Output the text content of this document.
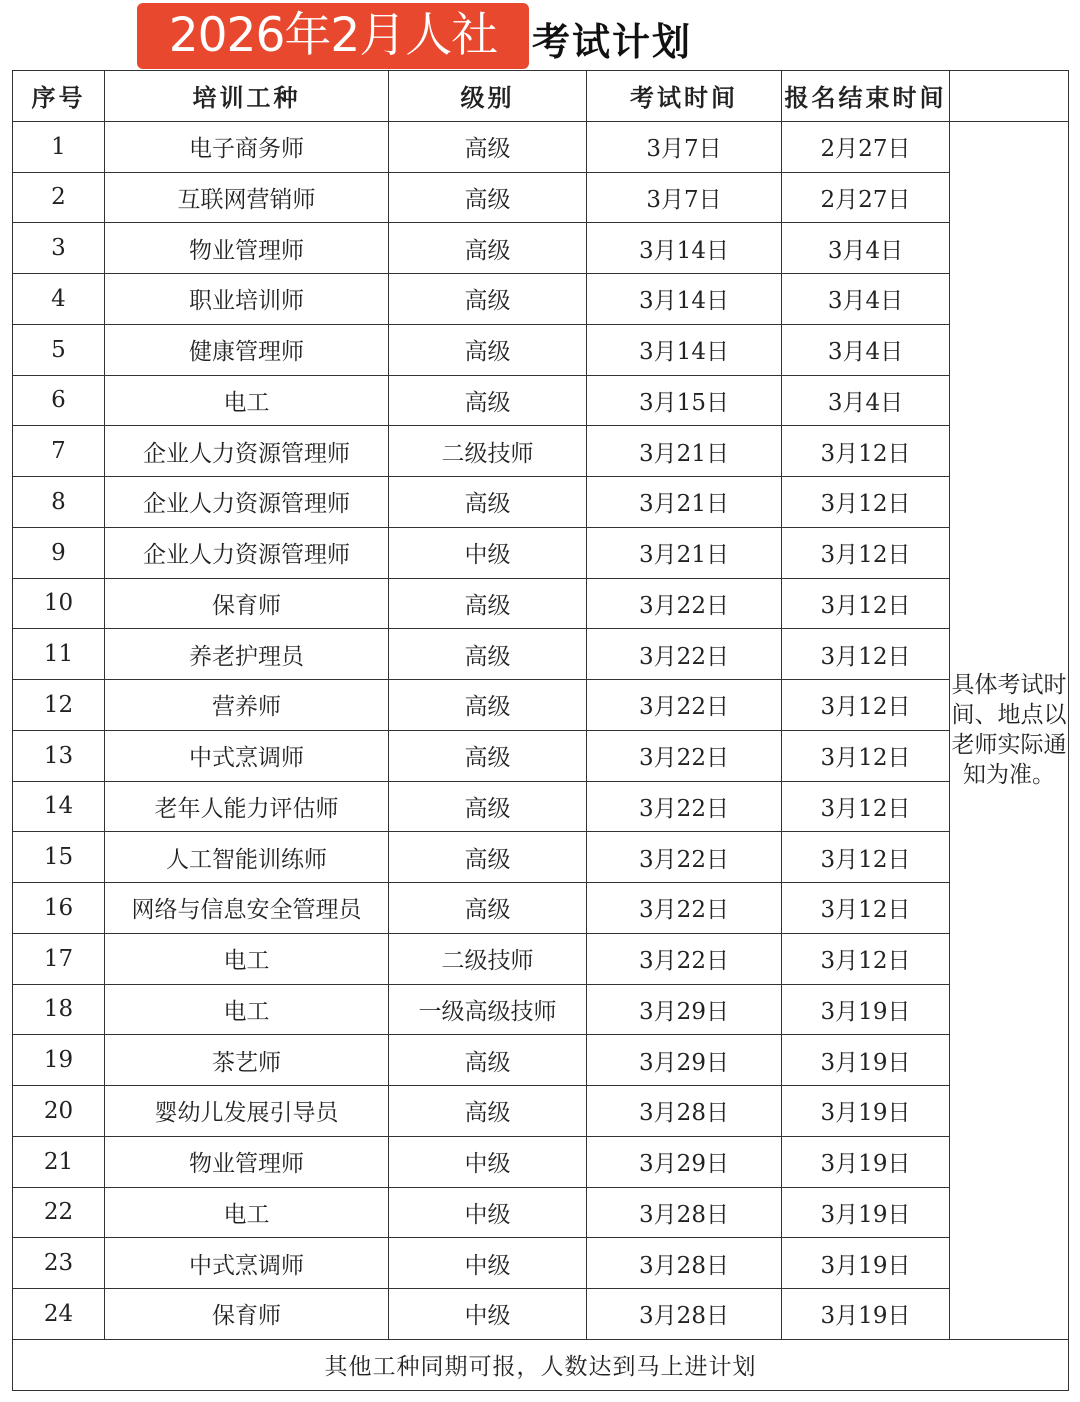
2026年2月人社 考试计划
序号	培训工种	级别	考试时间	报名结束时间	
1	电子商务师	高级	3月7日	2月27日	具体考试时间、地点以老师实际通知为准。
2	互联网营销师	高级	3月7日	2月27日	
3	物业管理师	高级	3月14日	3月4日	
4	职业培训师	高级	3月14日	3月4日	
5	健康管理师	高级	3月14日	3月4日	
6	电工	高级	3月15日	3月4日	
7	企业人力资源管理师	二级技师	3月21日	3月12日	
8	企业人力资源管理师	高级	3月21日	3月12日	
9	企业人力资源管理师	中级	3月21日	3月12日	
10	保育师	高级	3月22日	3月12日	
11	养老护理员	高级	3月22日	3月12日	
12	营养师	高级	3月22日	3月12日	
13	中式烹调师	高级	3月22日	3月12日	
14	老年人能力评估师	高级	3月22日	3月12日	
15	人工智能训练师	高级	3月22日	3月12日	
16	网络与信息安全管理员	高级	3月22日	3月12日	
17	电工	二级技师	3月22日	3月12日	
18	电工	一级高级技师	3月29日	3月19日	
19	茶艺师	高级	3月29日	3月19日	
20	婴幼儿发展引导员	高级	3月28日	3月19日	
21	物业管理师	中级	3月29日	3月19日	
22	电工	中级	3月28日	3月19日	
23	中式烹调师	中级	3月28日	3月19日	
24	保育师	中级	3月28日	3月19日	
其他工种同期可报，人数达到马上进计划					
